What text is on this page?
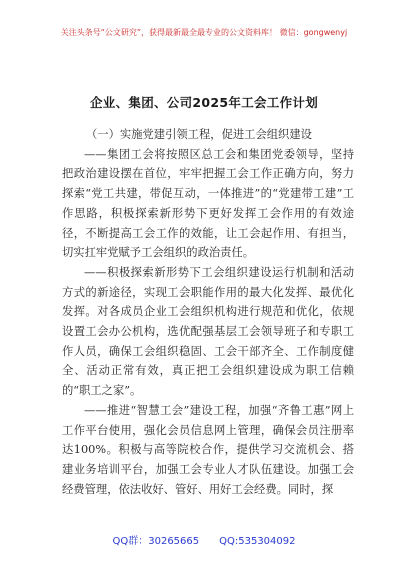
关注头条号“公文研究”，获得最新最全最专业的公文资料库！ 微信：gongwenyj
企业、集团、公司2025年工会工作计划
（一）实施党建引领工程，促进工会组织建设

——集团工会将按照区总工会和集团党委领导，坚持把政治建设摆在首位，牢牢把握工会工作正确方向，努力探索“党工共建，带促互动，一体推进”的“党建带工建”工作思路，积极探索新形势下更好发挥工会作用的有效途径，不断提高工会工作的效能，让工会起作用、有担当，切实扛牢党赋予工会组织的政治责任。

——积极探索新形势下工会组织建设运行机制和活动方式的新途径，实现工会职能作用的最大化发挥、最优化发挥。对各成员企业工会组织机构进行规范和优化，依规设置工会办公机构，选优配强基层工会领导班子和专职工作人员，确保工会组织稳固、工会干部齐全、工作制度健全、活动正常有效，真正把工会组织建设成为职工信赖的“职工之家”。

——推进“智慧工会”建设工程，加强“齐鲁工惠”网上工作平台使用，强化会员信息网上管理，确保会员注册率达100%。积极与高等院校合作，提供学习交流机会、搭建业务培训平台，加强工会专业人才队伍建设。加强工会经费管理，依法收好、管好、用好工会经费。同时，探

QQ群：30265665　　QQ:535304092
